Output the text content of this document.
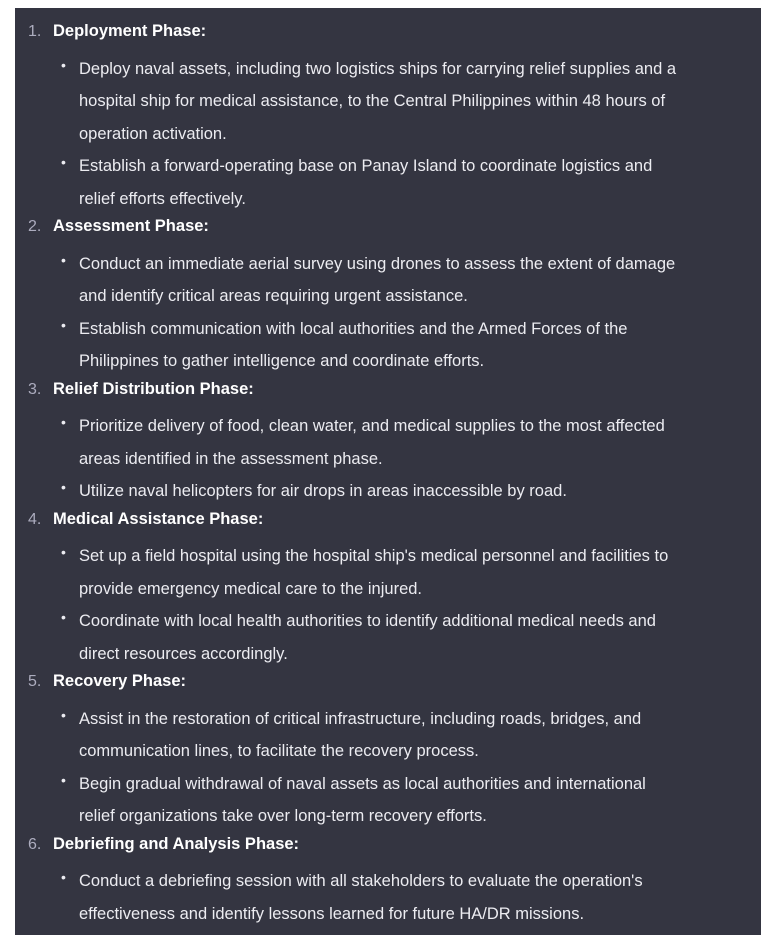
1. Deployment Phase:
• Deploy naval assets, including two logistics ships for carrying relief supplies and a
hospital ship for medical assistance, to the Central Philippines within 48 hours of
operation activation.
• Establish a forward-operating base on Panay Island to coordinate logistics and
relief efforts effectively.
2. Assessment Phase:
• Conduct an immediate aerial survey using drones to assess the extent of damage
and identify critical areas requiring urgent assistance.
• Establish communication with local authorities and the Armed Forces of the
Philippines to gather intelligence and coordinate efforts.
3. Relief Distribution Phase:
• Prioritize delivery of food, clean water, and medical supplies to the most affected
areas identified in the assessment phase.
• Utilize naval helicopters for air drops in areas inaccessible by road.
4. Medical Assistance Phase:
• Set up a field hospital using the hospital ship's medical personnel and facilities to
provide emergency medical care to the injured.
• Coordinate with local health authorities to identify additional medical needs and
direct resources accordingly.
5. Recovery Phase:
• Assist in the restoration of critical infrastructure, including roads, bridges, and
communication lines, to facilitate the recovery process.
• Begin gradual withdrawal of naval assets as local authorities and international
relief organizations take over long-term recovery efforts.
6. Debriefing and Analysis Phase:
• Conduct a debriefing session with all stakeholders to evaluate the operation's
effectiveness and identify lessons learned for future HA/DR missions.
